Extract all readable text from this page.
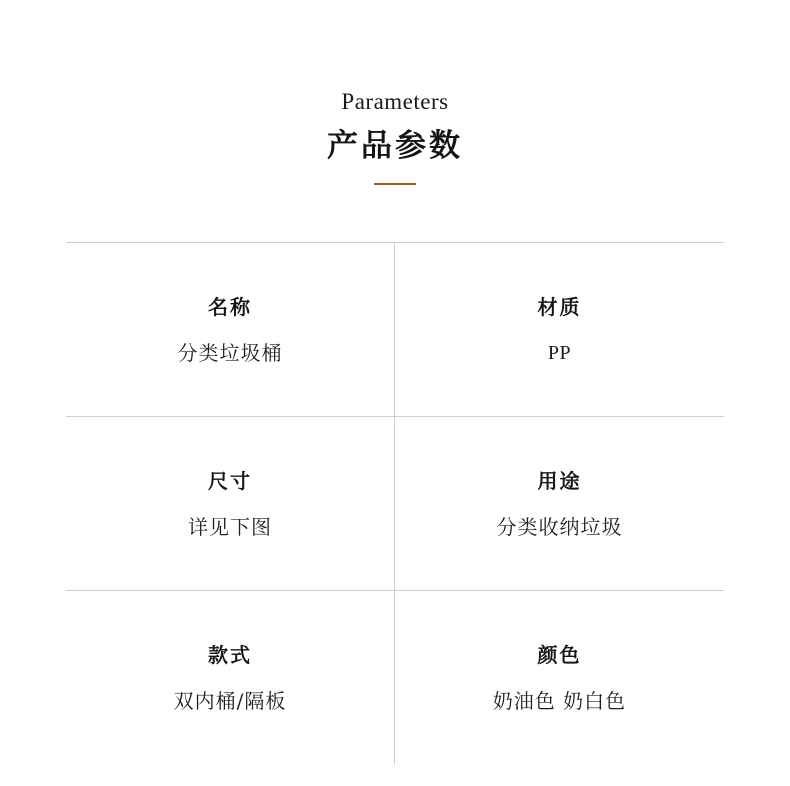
Parameters
产品参数
名称
分类垃圾桶
材质
PP
尺寸
详见下图
用途
分类收纳垃圾
款式
双内桶/隔板
颜色
奶油色 奶白色
